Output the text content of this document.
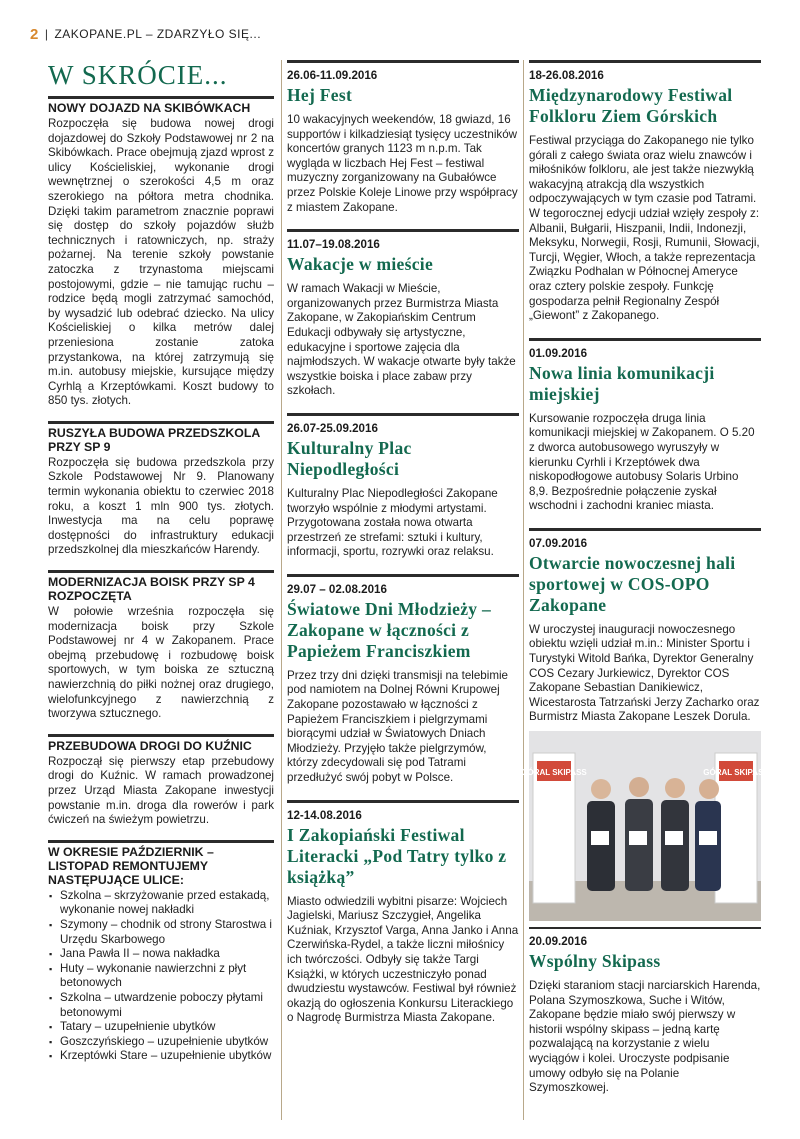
2 | ZAKOPANE.PL – ZDARZYŁO SIĘ...
W SKRÓCIE...
NOWY DOJAZD NA SKIBÓWKACH
Rozpoczęła się budowa nowej drogi dojazdowej do Szkoły Podstawowej nr 2 na Skibówkach. Prace obejmują zjazd wprost z ulicy Kościeliskiej, wykonanie drogi wewnętrznej o szerokości 4,5 m oraz szerokiego na półtora metra chodnika. Dzięki takim parametrom znacznie poprawi się dostęp do szkoły pojazdów służb technicznych i ratowniczych, np. straży pożarnej. Na terenie szkoły powstanie zatoczka z trzynastoma miejscami postojowymi, gdzie – nie tamując ruchu – rodzice będą mogli zatrzymać samochód, by wysadzić lub odebrać dziecko. Na ulicy Kościeliskiej o kilka metrów dalej przeniesiona zostanie zatoka przystankowa, na której zatrzymują się m.in. autobusy miejskie, kursujące między Cyrhlą a Krzeptówkami. Koszt budowy to 850 tys. złotych.
RUSZYŁA BUDOWA PRZEDSZKOLA PRZY SP 9
Rozpoczęła się budowa przedszkola przy Szkole Podstawowej Nr 9. Planowany termin wykonania obiektu to czerwiec 2018 roku, a koszt 1 mln 900 tys. złotych. Inwestycja ma na celu poprawę dostępności do infrastruktury edukacji przedszkolnej dla mieszkańców Harendy.
MODERNIZACJA BOISK PRZY SP 4 ROZPOCZĘTA
W połowie września rozpoczęła się modernizacja boisk przy Szkole Podstawowej nr 4 w Zakopanem. Prace obejmą przebudowę i rozbudowę boisk sportowych, w tym boiska ze sztuczną nawierzchnią do piłki nożnej oraz drugiego, wielofunkcyjnego z nawierzchnią z tworzywa sztucznego.
PRZEBUDOWA DROGI DO KUŹNIC
Rozpoczął się pierwszy etap przebudowy drogi do Kuźnic. W ramach prowadzonej przez Urząd Miasta Zakopane inwestycji powstanie m.in. droga dla rowerów i park ćwiczeń na świeżym powietrzu.
W OKRESIE PAŹDZIERNIK – LISTOPAD REMONTUJEMY NASTĘPUJĄCE ULICE:
▪ Szkolna – skrzyżowanie przed estakadą, wykonanie nowej nakładki
▪ Szymony – chodnik od strony Starostwa i Urzędu Skarbowego
▪ Jana Pawła II – nowa nakładka
▪ Huty – wykonanie nawierzchni z płyt betonowych
▪ Szkolna – utwardzenie poboczy płytami betonowymi
▪ Tatary – uzupełnienie ubytków
▪ Goszczyńskiego – uzupełnienie ubytków
▪ Krzeptówki Stare – uzupełnienie ubytków
26.06-11.09.2016
Hej Fest
10 wakacyjnych weekendów, 18 gwiazd, 16 supportów i kilkadziesiąt tysięcy uczestników koncertów granych 1123 m n.p.m. Tak wygląda w liczbach Hej Fest – festiwal muzyczny zorganizowany na Gubałówce przez Polskie Koleje Linowe przy współpracy z miastem Zakopane.
11.07–19.08.2016
Wakacje w mieście
W ramach Wakacji w Mieście, organizowanych przez Burmistrza Miasta Zakopane, w Zakopiańskim Centrum Edukacji odbywały się artystyczne, edukacyjne i sportowe zajęcia dla najmłodszych. W wakacje otwarte były także wszystkie boiska i place zabaw przy szkołach.
26.07-25.09.2016
Kulturalny Plac Niepodległości
Kulturalny Plac Niepodległości Zakopane tworzyło wspólnie z młodymi artystami. Przygotowana została nowa otwarta przestrzeń ze strefami: sztuki i kultury, informacji, sportu, rozrywki oraz relaksu.
29.07 – 02.08.2016
Światowe Dni Młodzieży – Zakopane w łączności z Papieżem Franciszkiem
Przez trzy dni dzięki transmisji na telebimie pod namiotem na Dolnej Równi Krupowej Zakopane pozostawało w łączności z Papieżem Franciszkiem i pielgrzymami biorącymi udział w Światowych Dniach Młodzieży. Przyjęło także pielgrzymów, którzy zdecydowali się pod Tatrami przedłużyć swój pobyt w Polsce.
12-14.08.2016
I Zakopiański Festiwal Literacki „Pod Tatry tylko z książką”
Miasto odwiedzili wybitni pisarze: Wojciech Jagielski, Mariusz Szczygieł, Angelika Kuźniak, Krzysztof Varga, Anna Janko i Anna Czerwińska-Rydel, a także liczni miłośnicy ich twórczości. Odbyły się także Targi Książki, w których uczestniczyło ponad dwudziestu wystawców. Festiwal był również okazją do ogłoszenia Konkursu Literackiego o Nagrodę Burmistrza Miasta Zakopane.
18-26.08.2016
Międzynarodowy Festiwal Folkloru Ziem Górskich
Festiwal przyciąga do Zakopanego nie tylko górali z całego świata oraz wielu znawców i miłośników folkloru, ale jest także niezwykłą wakacyjną atrakcją dla wszystkich odpoczywających w tym czasie pod Tatrami. W tegorocznej edycji udział wzięły zespoły z: Albanii, Bułgarii, Hiszpanii, Indii, Indonezji, Meksyku, Norwegii, Rosji, Rumunii, Słowacji, Turcji, Węgier, Włoch, a także reprezentacja Związku Podhalan w Północnej Ameryce oraz cztery polskie zespoły. Funkcję gospodarza pełnił Regionalny Zespół „Giewont” z Zakopanego.
01.09.2016
Nowa linia komunikacji miejskiej
Kursowanie rozpoczęła druga linia komunikacji miejskiej w Zakopanem. O 5.20 z dworca autobusowego wyruszyły w kierunku Cyrhli i Krzeptówek dwa niskopodłogowe autobusy Solaris Urbino 8,9. Bezpośrednie połączenie zyskał wschodni i zachodni kraniec miasta.
07.09.2016
Otwarcie nowoczesnej hali sportowej w COS-OPO Zakopane
W uroczystej inauguracji nowoczesnego obiektu wzięli udział m.in.: Minister Sportu i Turystyki Witold Bańka, Dyrektor Generalny COS Cezary Jurkiewicz, Dyrektor COS Zakopane Sebastian Danikiewicz, Wicestarosta Tatrzański Jerzy Zacharko oraz Burmistrz Miasta Zakopane Leszek Dorula.
GÓRAL SKIPASS	GÓRAL SKIPASS
20.09.2016
Wspólny Skipass
Dzięki staraniom stacji narciarskich Harenda, Polana Szymoszkowa, Suche i Witów, Zakopane będzie miało swój pierwszy w historii wspólny skipass – jedną kartę pozwalającą na korzystanie z wielu wyciągów i kolei. Uroczyste podpisanie umowy odbyło się na Polanie Szymoszkowej.
